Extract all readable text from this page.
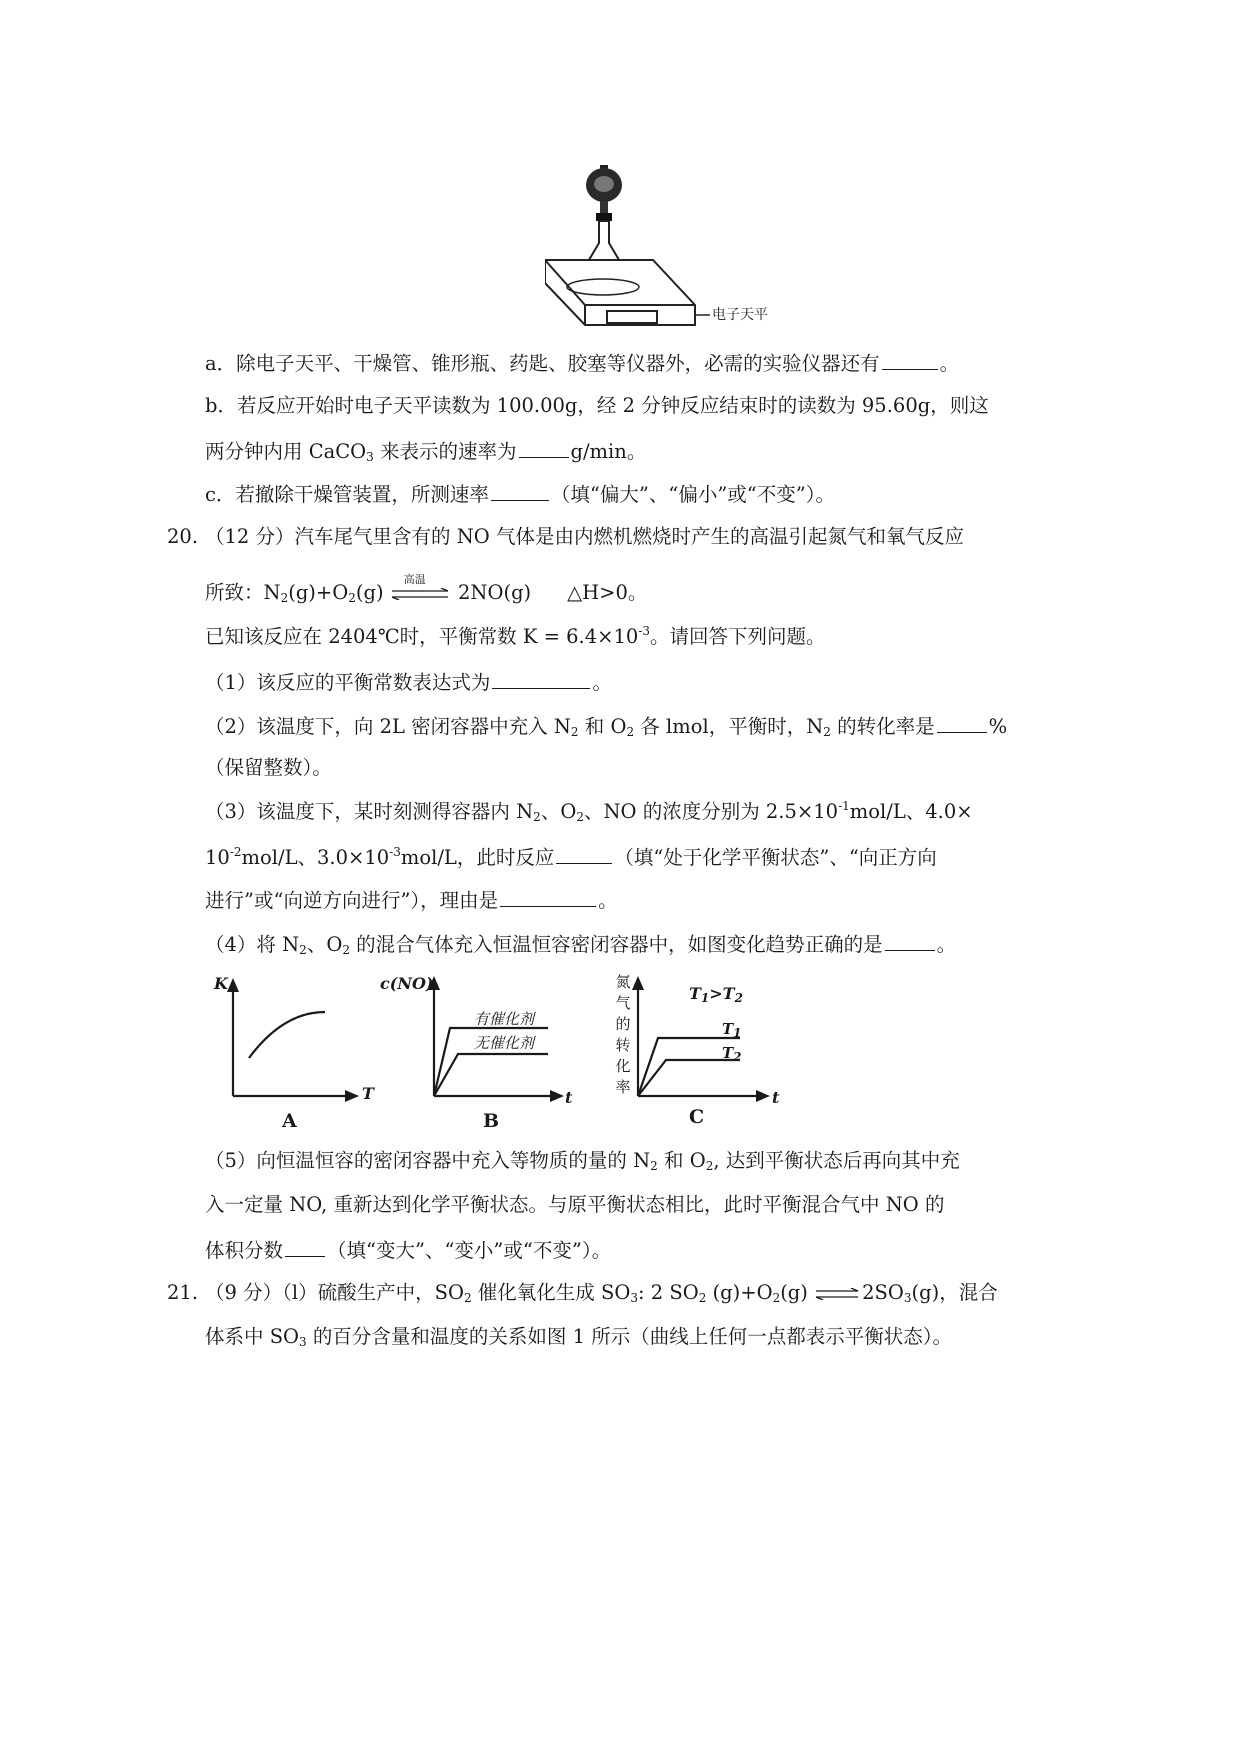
电子天平
a．除电子天平、干燥管、锥形瓶、药匙、胶塞等仪器外，必需的实验仪器还有	。
b．若反应开始时电子天平读数为 100.00g，经 2 分钟反应结束时的读数为 95.60g，则这
两分钟内用 CaCO$_3$ 来表示的速率为	g/min。
c．若撤除干燥管装置，所测速率	（填“偏大”、“偏小”或“不变”）。
20. （12 分）汽车尾气里含有的 NO 气体是由内燃机燃烧时产生的高温引起氮气和氧气反应
所致：$N_2(g)+O_2(g)$
高温
2NO(g) △H>0。
已知该反应在 2404℃时，平衡常数 $K = 6.4\times 10^{-3}$。请回答下列问题。
（1）该反应的平衡常数表达式为	。
（2）该温度下，向 2L 密闭容器中充入 $N_2$ 和 $O_2$ 各 lmol，平衡时，$N_2$ 的转化率是	%
（保留整数）。
（3）该温度下，某时刻测得容器内 $N_2$、$O_2$、NO 的浓度分别为 $2.5\times 10^{-1}mol/L$、4.0×
$10^{-2}mol/L$、$3.0\times 10^{-3}mol/L$，此时反应	（填“处于化学平衡状态”、“向正方向
进行”或“向逆方向进行”），理由是	。
（4）将 $N_2$、$O_2$ 的混合气体充入恒温恒容密闭容器中，如图变化趋势正确的是	。
K
T
A
c(NO)
有催化剂
无催化剂
t
B
氮
气
的
转
化
率
$T_1>T_2$
$T_1$
$T_2$
t
C
（5）向恒温恒容的密闭容器中充入等物质的量的 $N_2$ 和 $O_2$, 达到平衡状态后再向其中充
入一定量 NO, 重新达到化学平衡状态。与原平衡状态相比，此时平衡混合气中 NO 的
体积分数 （填“变大”、“变小”或“不变”）。
21. （9 分）（l）硫酸生产中，$SO_2$ 催化氧化生成 $SO_3$: 2 $SO_2$ $(g)+O_2(g)$ $\rightleftharpoons 2SO_3(g)$，混合
体系中 $SO_3$ 的百分含量和温度的关系如图 1 所示（曲线上任何一点都表示平衡状态）。
